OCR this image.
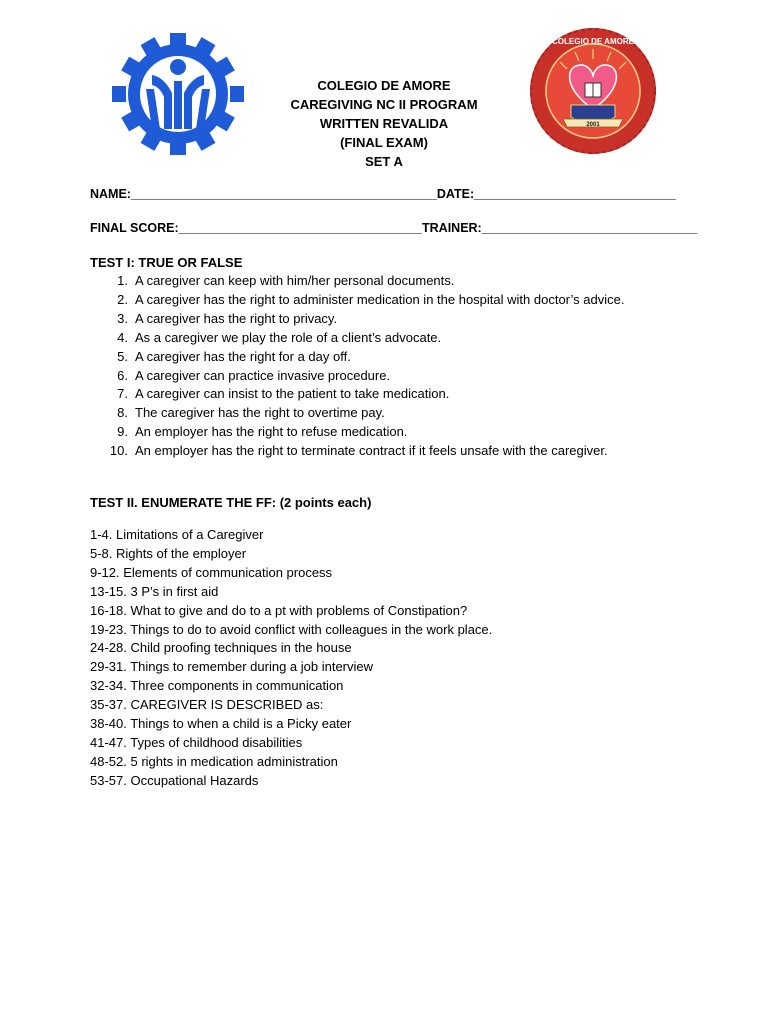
COLEGIO DE AMORE
2001
COLEGIO DE AMORE
CAREGIVING NC II PROGRAM
WRITTEN REVALIDA
(FINAL EXAM)
SET A
NAME:____________________________________________DATE:_____________________________
FINAL SCORE:___________________________________TRAINER:_______________________________
TEST I: TRUE OR FALSE
1. A caregiver can keep with him/her personal documents.
2. A caregiver has the right to administer medication in the hospital with doctor’s advice.
3. A caregiver has the right to privacy.
4. As a caregiver we play the role of a client’s advocate.
5. A caregiver has the right for a day off.
6. A caregiver can practice invasive procedure.
7. A caregiver can insist to the patient to take medication.
8. The caregiver has the right to overtime pay.
9. An employer has the right to refuse medication.
10. An employer has the right to terminate contract if it feels unsafe with the caregiver.
TEST II. ENUMERATE THE FF: (2 points each)
1-4. Limitations of a Caregiver
5-8. Rights of the employer
9-12. Elements of communication process
13-15. 3 P’s in first aid
16-18. What to give and do to a pt with problems of Constipation?
19-23. Things to do to avoid conflict with colleagues in the work place.
24-28. Child proofing techniques in the house
29-31. Things to remember during a job interview
32-34. Three components in communication
35-37. CAREGIVER IS DESCRIBED as:
38-40. Things to when a child is a Picky eater
41-47. Types of childhood disabilities
48-52. 5 rights in medication administration
53-57. Occupational Hazards
